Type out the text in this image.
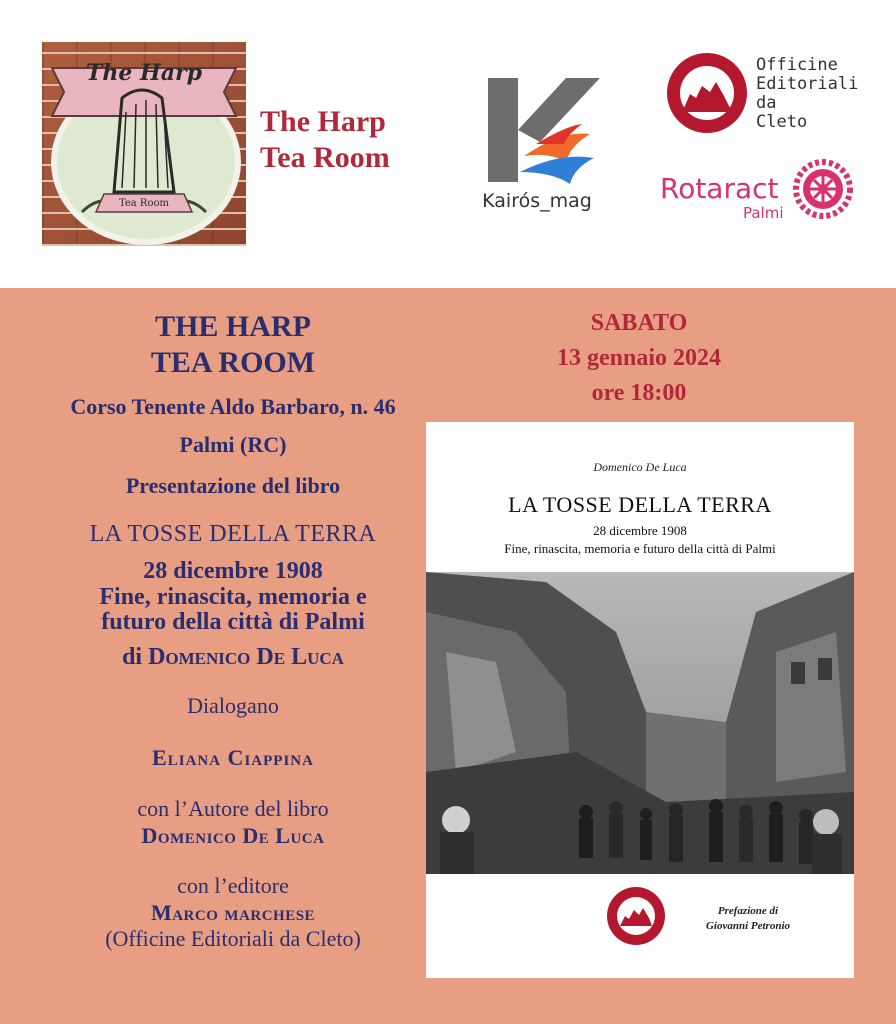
The Harp
Tea Room
The Harp
Tea Room
Kairós_mag
Officine
Editoriali
da
Cleto
Rotaract
Palmi
THE HARP
TEA ROOM
Corso Tenente Aldo Barbaro, n. 46
Palmi (RC)
Presentazione del libro
LA TOSSE DELLA TERRA
28 dicembre 1908
Fine, rinascita, memoria e
futuro della città di Palmi
di Domenico De Luca
Dialogano
Eliana Ciappina
con l’Autore del libro
Domenico De Luca
con l’editore
Marco marchese
(Officine Editoriali da Cleto)
SABATO
13 gennaio 2024
ore 18:00
Domenico De Luca
LA TOSSE DELLA TERRA
28 dicembre 1908
Fine, rinascita, memoria e futuro della città di Palmi
Prefazione di
Giovanni Petronio
